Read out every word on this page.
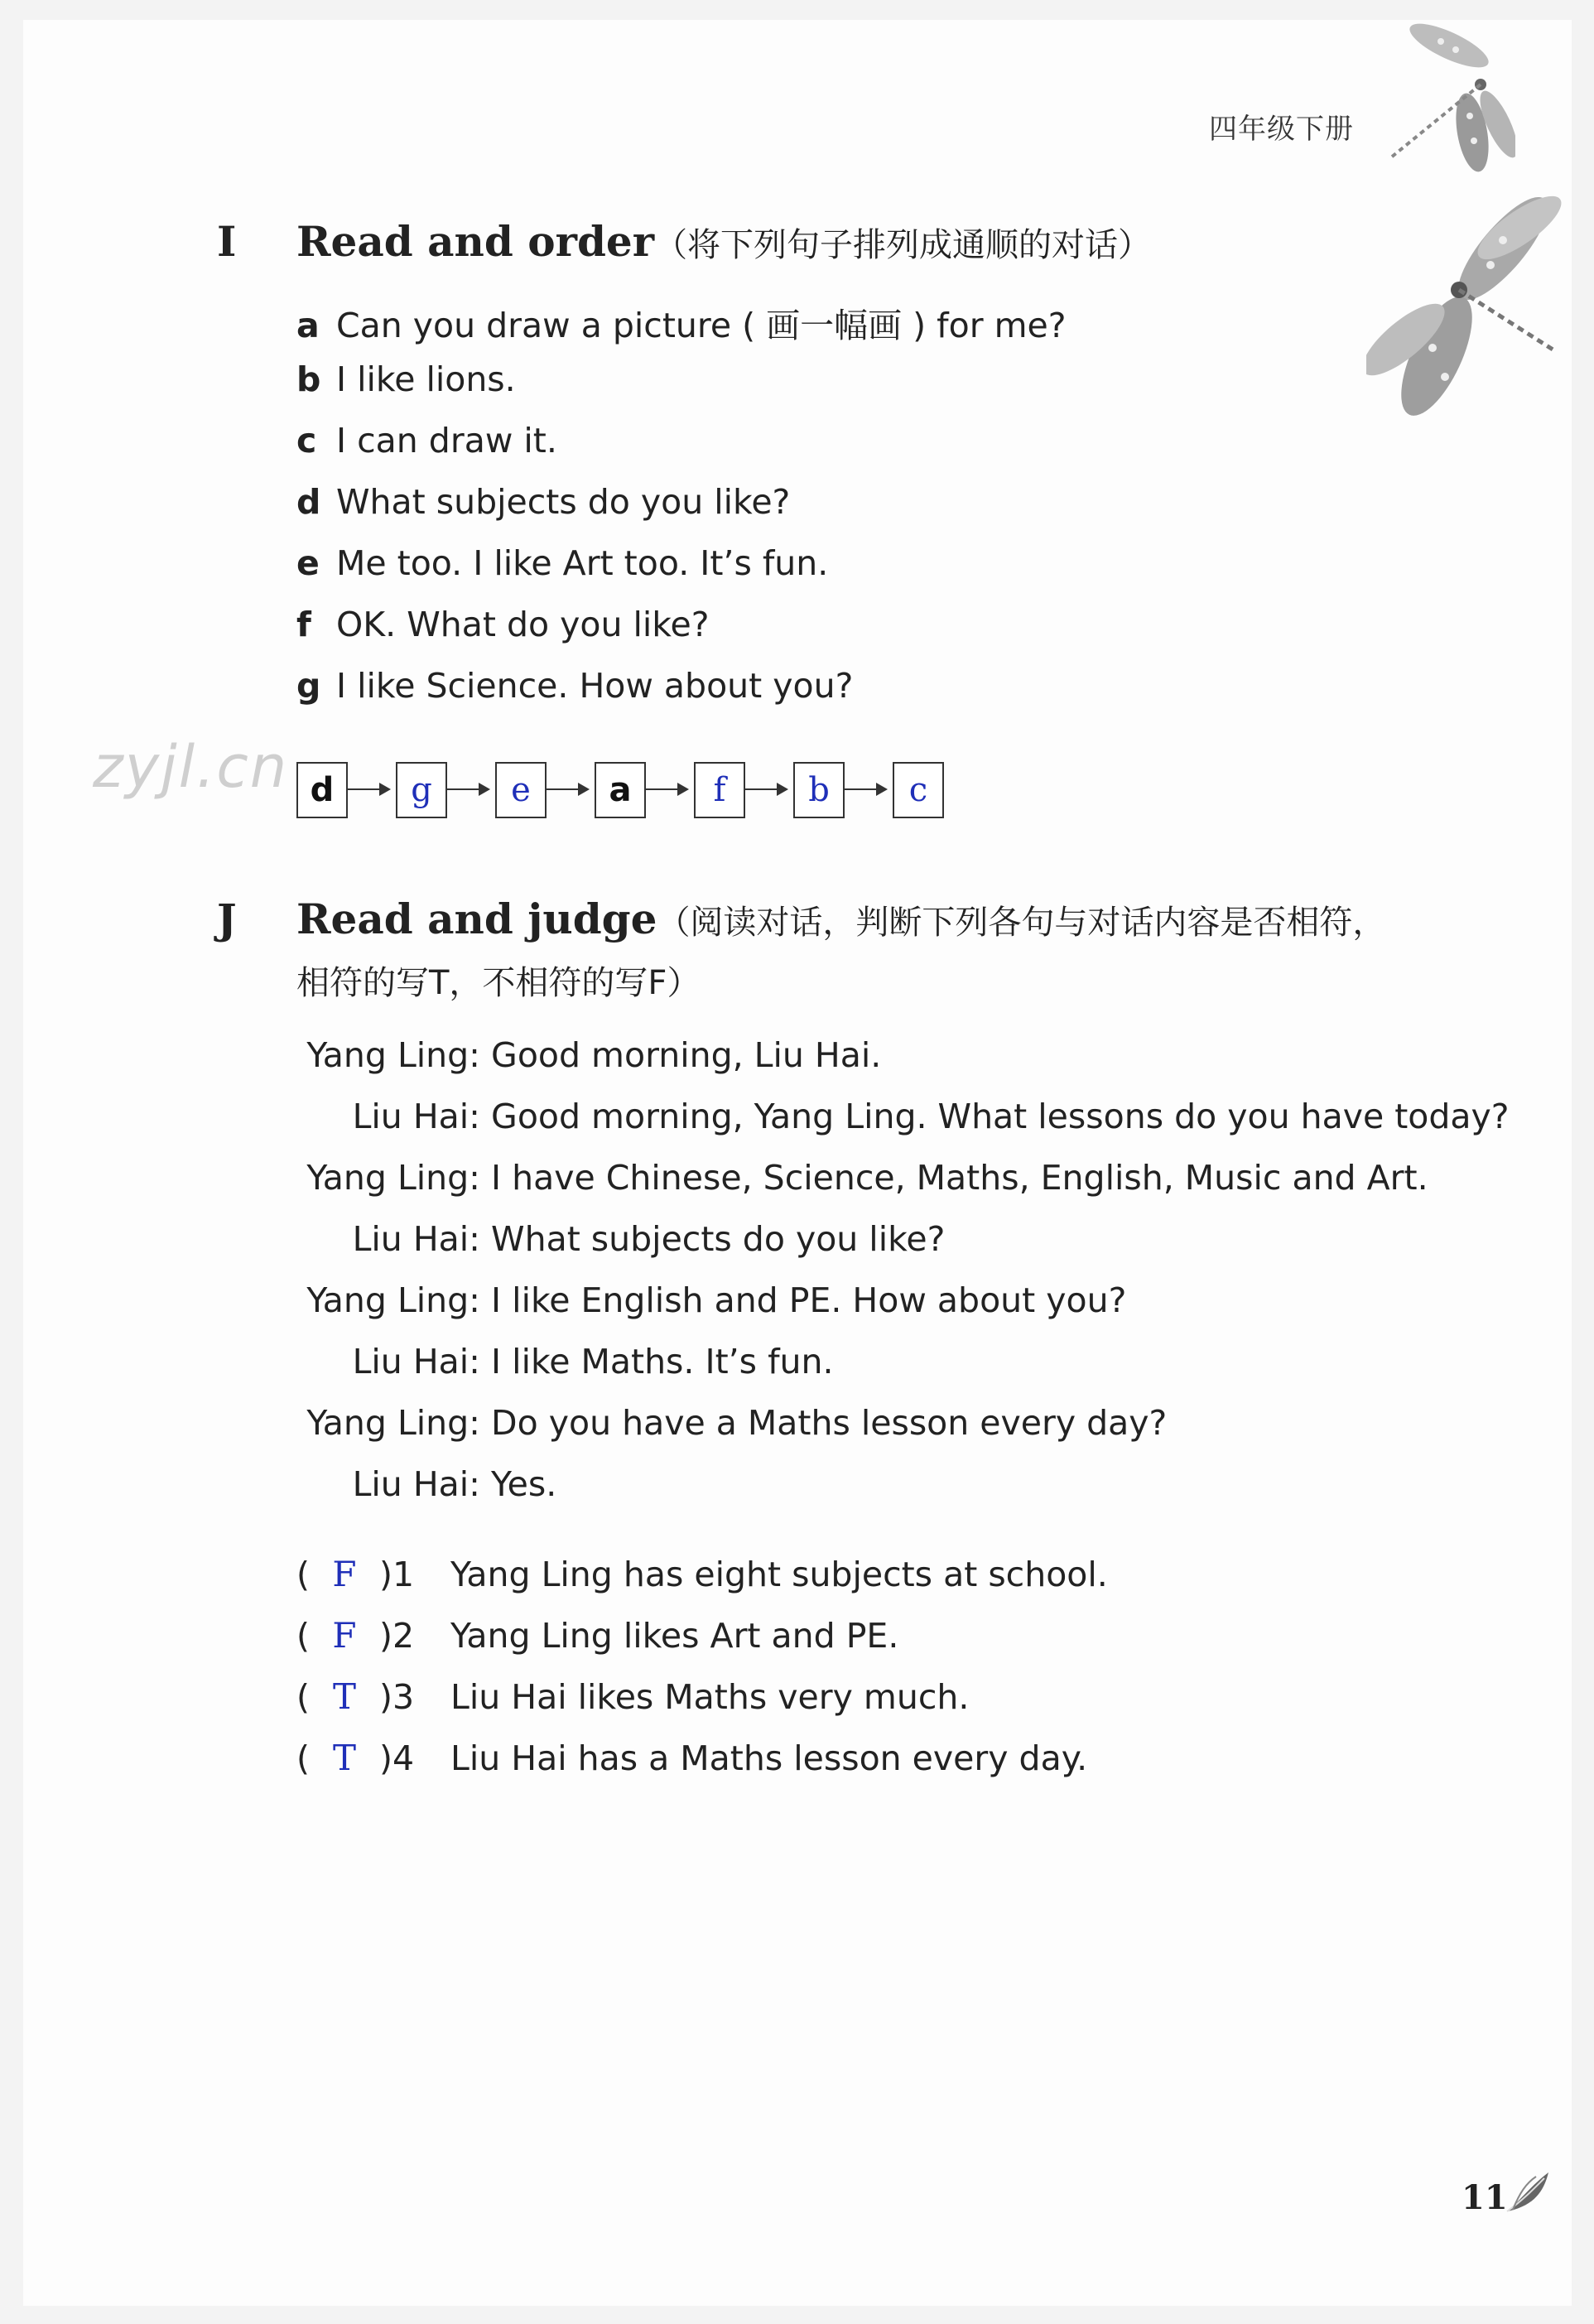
四年级下册
I Read and order（将下列句子排列成通顺的对话）
a Can you draw a picture ( 画一幅画 ) for me?
b I like lions.
c I can draw it.
d What subjects do you like?
e Me too. I like Art too. It’s fun.
f OK. What do you like?
g I like Science. How about you?
zyjl.cn d	g	e	a	f	b	c
J Read and judge（阅读对话，判断下列各句与对话内容是否相符，
相符的写T，不相符的写F）
Yang Ling: Good morning, Liu Hai.
Liu Hai: Good morning, Yang Ling. What lessons do you have today?
Yang Ling: I have Chinese, Science, Maths, English, Music and Art.
Liu Hai: What subjects do you like?
Yang Ling: I like English and PE. How about you?
Liu Hai: I like Maths. It’s fun.
Yang Ling: Do you have a Maths lesson every day?
Liu Hai: Yes.
( F )1 Yang Ling has eight subjects at school.
( F )2 Yang Ling likes Art and PE.
( T )3 Liu Hai likes Maths very much.
( T )4 Liu Hai has a Maths lesson every day.
11
